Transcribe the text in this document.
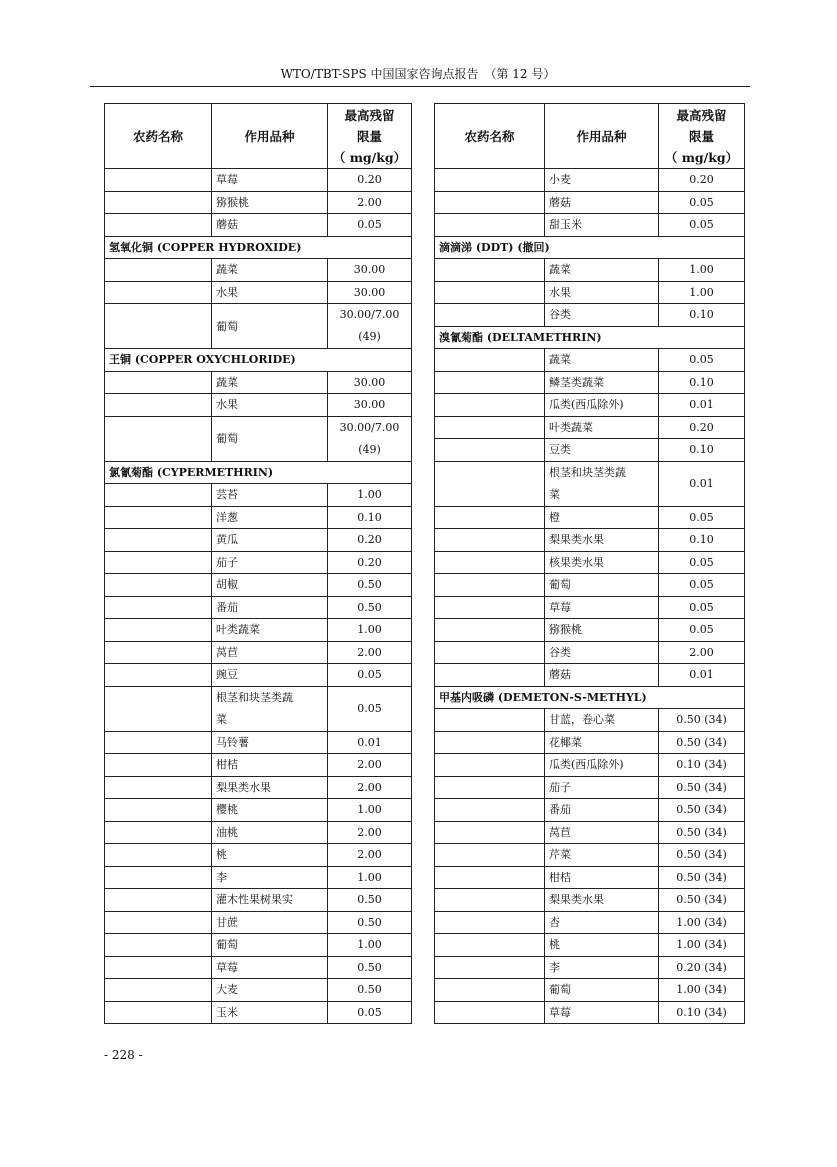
WTO/TBT-SPS 中国国家咨询点报告　（第 12 号）
农药名称	作用品种	最高残留限量
（ mg/kg）

	草莓	0.20
	猕猴桃	2.00
	蘑菇	0.05
氢氧化铜 (COPPER HYDROXIDE)		
	蔬菜	30.00
	水果	30.00
	葡萄	30.00/7.00
(49)

王铜 (COPPER OXYCHLORIDE)		
	蔬菜	30.00
	水果	30.00
	葡萄	30.00/7.00
(49)

氯氰菊酯 (CYPERMETHRIN)		
	芸苔	1.00
	洋葱	0.10
	黄瓜	0.20
	茄子	0.20
	胡椒	0.50
	番茄	0.50
	叶类蔬菜	1.00
	莴苣	2.00
	豌豆	0.05

	根茎和块茎类蔬
菜	0.05
	马铃薯	0.01
	柑桔	2.00
	梨果类水果	2.00
	樱桃	1.00
	油桃	2.00
	桃	2.00
	李	1.00
	灌木性果树果实	0.50
	甘蔗	0.50
	葡萄	1.00
	草莓	0.50
	大麦	0.50
	玉米	0.05
农药名称	作用品种	最高残留限量
（ mg/kg）

	小麦	0.20
	蘑菇	0.05
	甜玉米	0.05
滴滴涕 (DDT) (撤回)		
	蔬菜	1.00
	水果	1.00
	谷类	0.10
溴氰菊酯 (DELTAMETHRIN)		
	蔬菜	0.05
	鳞茎类蔬菜	0.10
	瓜类(西瓜除外)	0.01
	叶类蔬菜	0.20
	豆类	0.10

	根茎和块茎类蔬
菜	0.01
	橙	0.05
	梨果类水果	0.10
	核果类水果	0.05
	葡萄	0.05
	草莓	0.05
	猕猴桃	0.05
	谷类	2.00
	蘑菇	0.01
甲基内吸磷 (DEMETON-S-METHYL)		
	甘蓝，卷心菜	0.50 (34)
	花椰菜	0.50 (34)
	瓜类(西瓜除外)	0.10 (34)
	茄子	0.50 (34)
	番茄	0.50 (34)
	莴苣	0.50 (34)
	芹菜	0.50 (34)
	柑桔	0.50 (34)
	梨果类水果	0.50 (34)
	杏	1.00 (34)
	桃	1.00 (34)
	李	0.20 (34)
	葡萄	1.00 (34)
	草莓	0.10 (34)
- 228 -
